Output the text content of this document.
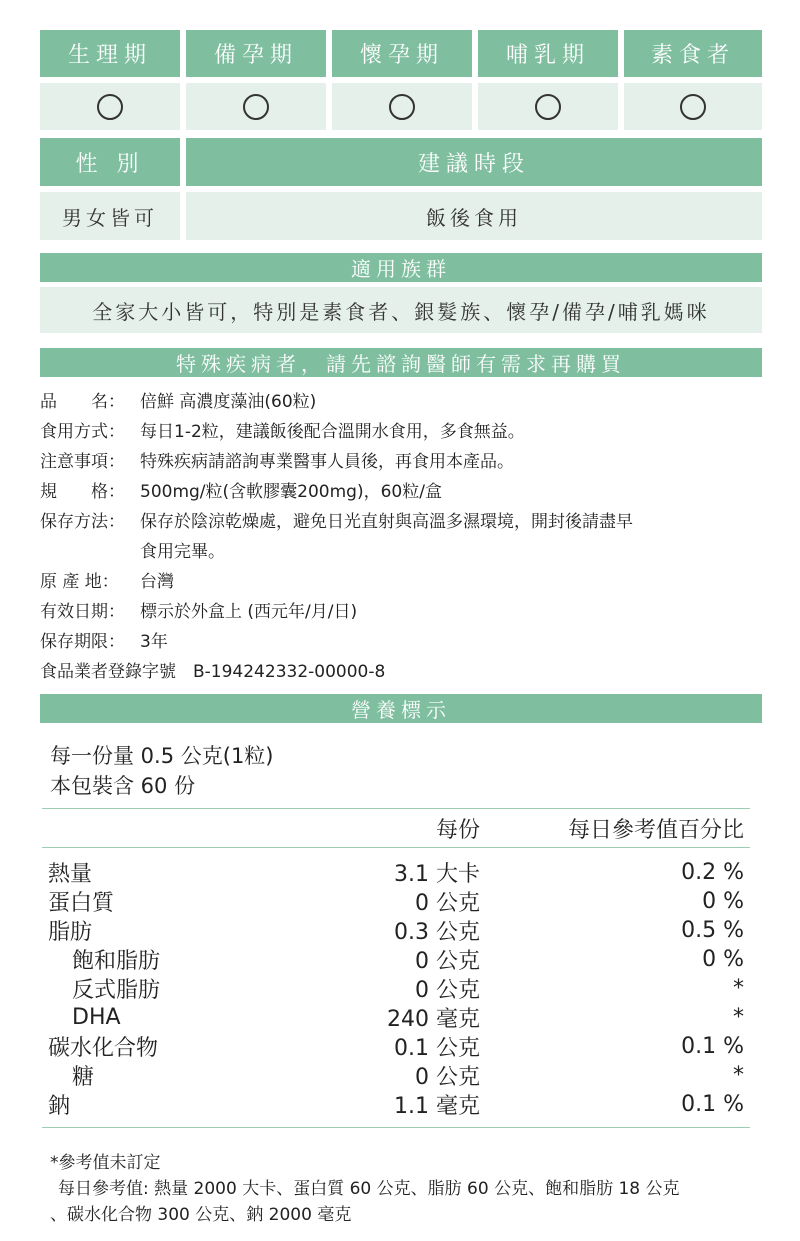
生理期	備孕期	懷孕期	哺乳期	素食者
性 別	建議時段
男女皆可	飯後食用
適用族群
全家大小皆可，特別是素食者、銀髮族、懷孕/備孕/哺乳媽咪
特殊疾病者，請先諮詢醫師有需求再購買
品　　名： 倍鮮 高濃度藻油(60粒)
食用方式： 每日1-2粒，建議飯後配合溫開水食用，多食無益。
注意事項： 特殊疾病請諮詢專業醫事人員後，再食用本產品。
規　　格： 500mg/粒(含軟膠囊200mg)，60粒/盒
保存方法： 保存於陰涼乾燥處，避免日光直射與高溫多濕環境，開封後請盡早
食用完畢。
原 產 地：	台灣
有效日期： 標示於外盒上 (西元年/月/日)
保存期限： 3年
食品業者登錄字號　B-194242332-00000-8
營養標示
每一份量 0.5 公克(1粒)
本包裝含 60 份
每份	每日參考值百分比
熱量	3.1 大卡	0.2 %
蛋白質	0 公克	0 %
脂肪	0.3 公克	0.5 %
飽和脂肪	0 公克	0 %
反式脂肪	0 公克	*
DHA	240 毫克	*
碳水化合物	0.1 公克	0.1 %
糖	0 公克	*
鈉	1.1 毫克	0.1 %
*參考值未訂定
每日參考值: 熱量 2000 大卡、蛋白質 60 公克、脂肪 60 公克、飽和脂肪 18 公克
、碳水化合物 300 公克、鈉 2000 毫克
